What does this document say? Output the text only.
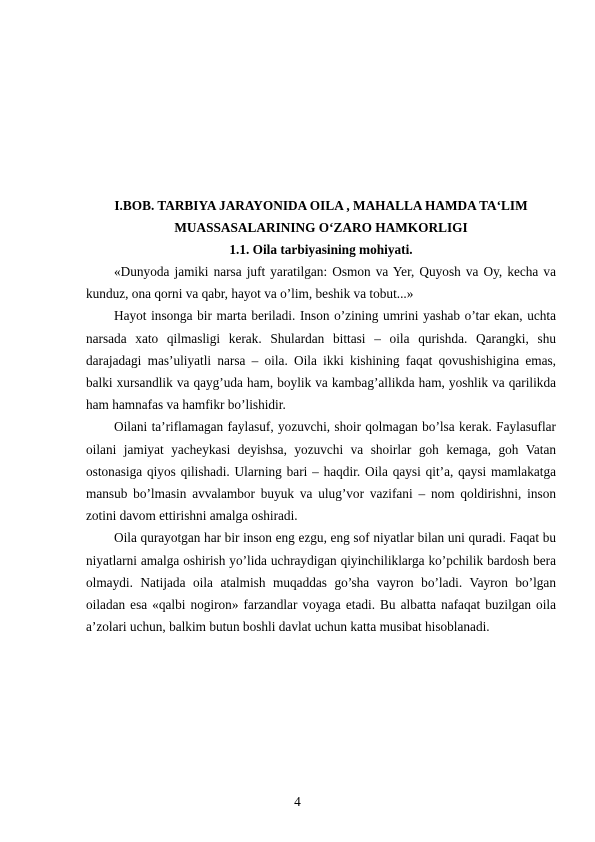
I.BOB. TARBIYA JARAYONIDA OILA , MAHALLA HAMDA TA‘LIM

MUASSASALARINING O‘ZARO HAMKORLIGI

1.1. Oila tarbiyasining mohiyati.

«Dunyoda jamiki narsa juft yaratilgan: Osmon va Yer, Quyosh va Oy, kecha va kunduz, ona qorni va qabr, hayot va o’lim, beshik va tobut...»

Hayot insonga bir marta beriladi. Inson o’zining umrini yashab o’tar ekan, uchta narsada xato qilmasligi kerak. Shulardan bittasi – oila qurishda. Qarangki, shu darajadagi mas’uliyatli narsa – oila. Oila ikki kishining faqat qovushishigina emas, balki xursandlik va qayg’uda ham, boylik va kambag’allikda ham, yoshlik va qarilikda ham hamnafas va hamfikr bo’lishidir.

Oilani ta’riflamagan faylasuf, yozuvchi, shoir qolmagan bo’lsa kerak. Faylasuflar oilani jamiyat yacheykasi deyishsa, yozuvchi va shoirlar goh kemaga, goh Vatan ostonasiga qiyos qilishadi. Ularning bari – haqdir. Oila qaysi qit’a, qaysi mamlakatga mansub bo’lmasin avvalambor buyuk va ulug’vor vazifani – nom qoldirishni, inson zotini davom ettirishni amalga oshiradi.

Oila qurayotgan har bir inson eng ezgu, eng sof niyatlar bilan uni quradi. Faqat bu niyatlarni amalga oshirish yo’lida uchraydigan qiyinchiliklarga ko’pchilik bardosh bera olmaydi. Natijada oila atalmish muqaddas go’sha vayron bo’ladi. Vayron bo’lgan oiladan esa «qalbi nogiron» farzandlar voyaga etadi. Bu albatta nafaqat buzilgan oila a’zolari uchun, balkim butun boshli davlat uchun katta musibat hisoblanadi.

4
